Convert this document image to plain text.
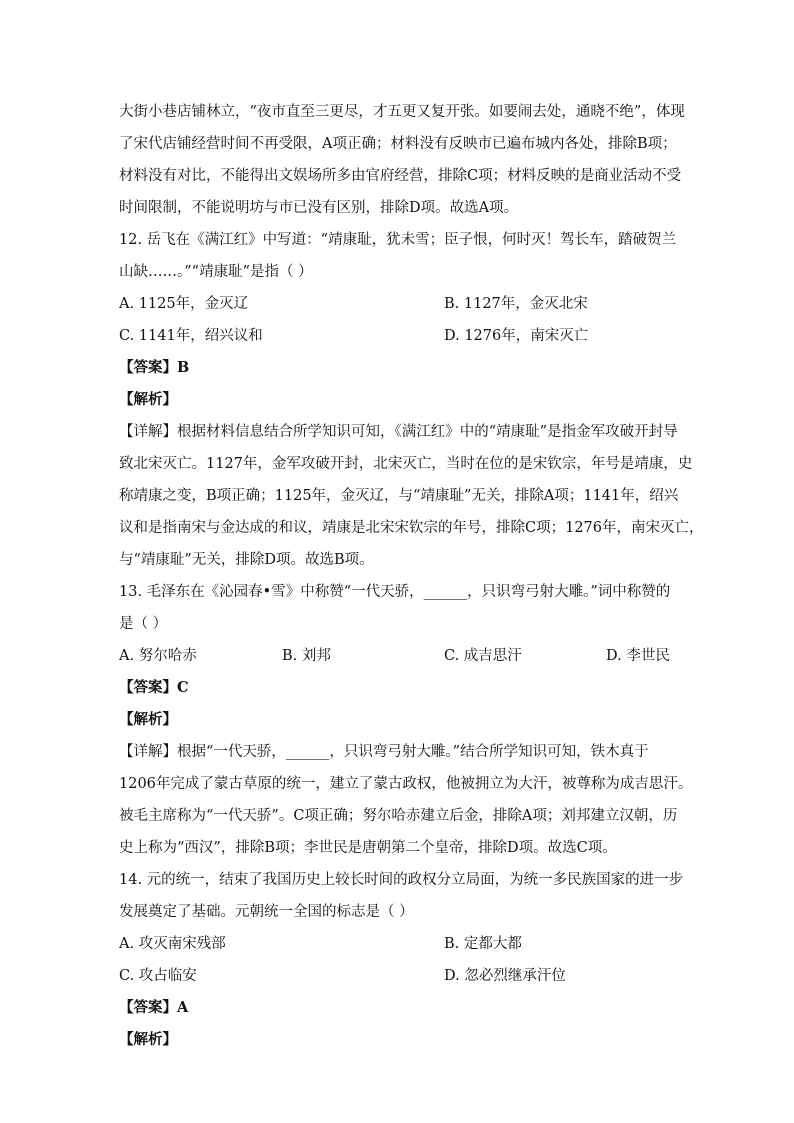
大街小巷店铺林立，“夜市直至三更尽，才五更又复开张。如要闹去处，通晓不绝”，体现
了宋代店铺经营时间不再受限，A项正确；材料没有反映市已遍布城内各处，排除B项；
材料没有对比，不能得出文娱场所多由官府经营，排除C项；材料反映的是商业活动不受
时间限制，不能说明坊与市已没有区别，排除D项。故选A项。
12. 岳飞在《满江红》中写道：“靖康耻，犹未雪；臣子恨，何时灭！驾长车，踏破贺兰
山缺……。”“靖康耻”是指（ ）
A. 1125年，金灭辽	B. 1127年，金灭北宋
C. 1141年，绍兴议和	D. 1276年，南宋灭亡
【答案】B
【解析】
【详解】根据材料信息结合所学知识可知，《满江红》中的“靖康耻”是指金军攻破开封导
致北宋灭亡。1127年，金军攻破开封，北宋灭亡，当时在位的是宋钦宗，年号是靖康，史
称靖康之变，B项正确；1125年，金灭辽，与“靖康耻”无关，排除A项；1141年，绍兴
议和是指南宋与金达成的和议，靖康是北宋宋钦宗的年号，排除C项；1276年，南宋灭亡，
与“靖康耻”无关，排除D项。故选B项。
13. 毛泽东在《沁园春•雪》中称赞“一代天骄，______，只识弯弓射大雕。”词中称赞的
是（ ）
A. 努尔哈赤	B. 刘邦	C. 成吉思汗	D. 李世民
【答案】C
【解析】
【详解】根据“一代天骄，______，只识弯弓射大雕。”结合所学知识可知，铁木真于
1206年完成了蒙古草原的统一，建立了蒙古政权，他被拥立为大汗，被尊称为成吉思汗。
被毛主席称为“一代天骄”。C项正确；努尔哈赤建立后金，排除A项；刘邦建立汉朝，历
史上称为“西汉”，排除B项；李世民是唐朝第二个皇帝，排除D项。故选C项。
14. 元的统一，结束了我国历史上较长时间的政权分立局面，为统一多民族国家的进一步
发展奠定了基础。元朝统一全国的标志是（ ）
A. 攻灭南宋残部	B. 定都大都
C. 攻占临安	D. 忽必烈继承汗位
【答案】A
【解析】
